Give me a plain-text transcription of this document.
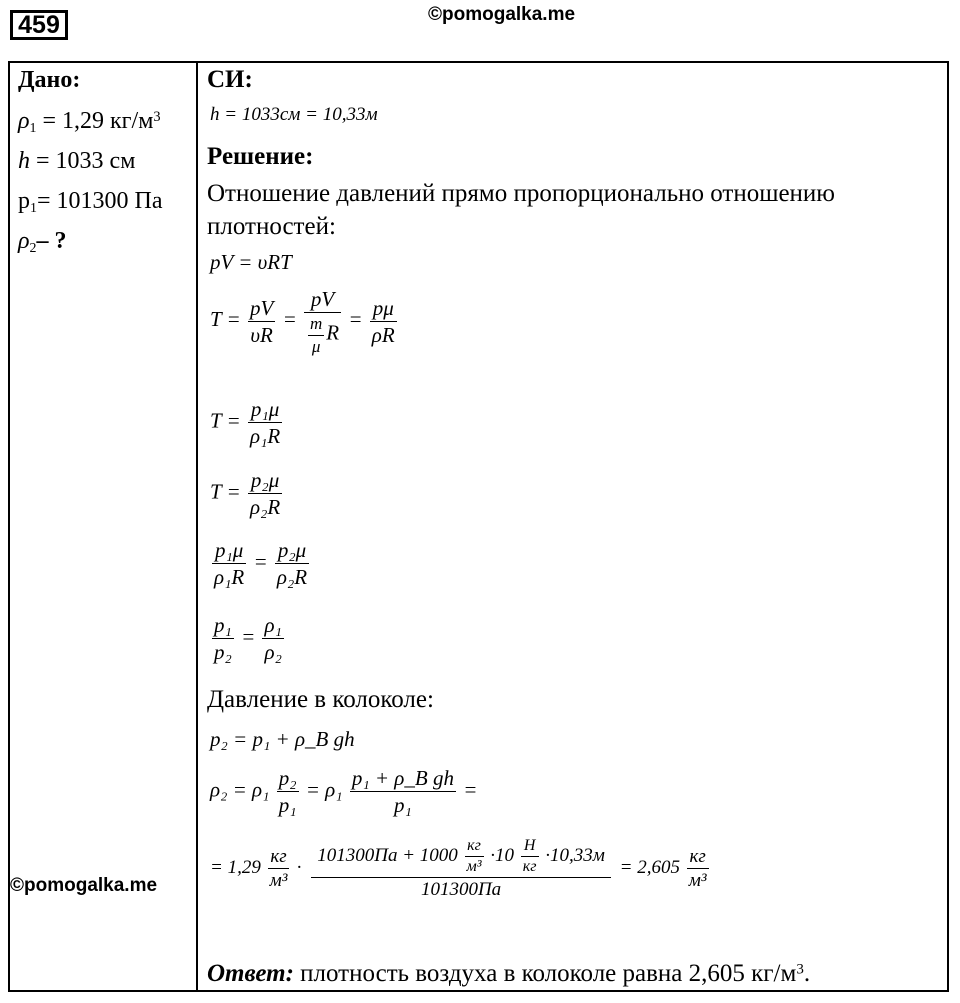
459	©pomogalka.me
Дано:
$\rho_1 = 1,29$ $кг/м^3$
h = 1033 см
$p_1= 101300$ Па
$\rho_2-$ ?
©pomogalka.me
СИ:
h = 1033см = 10,33м
Решение:
Отношение давлений прямо пропорционально отношению
плотностей:
pV = υRT
$T = \frac{pV}{\upsilon R} = \frac{pV}{\frac{m}{\mu} R} = \frac{p\mu}{\rho R}$
$T = \frac{\text{p₁μ}}{\text{ρ₁R}}$
$T = \frac{\text{p₂μ}}{\text{ρ₂R}}$
$\frac{\text{p₁μ}}{\text{ρ₁R}} = \frac{\text{p₂μ}}{\text{ρ₂R}}$
$\frac{\text{p₁}}{\text{p₂}} = \frac{\text{ρ₁}}{\text{ρ₂}}$
Давление в колоколе:
p₂ = p₁ + ρ_B gh
$\rho_2 = \rho_1 \frac{\text{p₂}}{\text{p₁}} = \rho_1 \frac{\text{p₁ + ρ\_B gh}}{\text{p₁}}$ =
= $1,29 \frac{кг}{\text{м³}} \cdot \frac{101300Па + 1000 \frac{кг}{\text{м³}} \cdot 10 \frac{Н}{кг} \cdot 10,33м}{101300Па} = 2,605 \frac{кг}{\text{м³}}$
Ответ: плотность воздуха в колоколе равна 2,605 $кг/м^3$.
